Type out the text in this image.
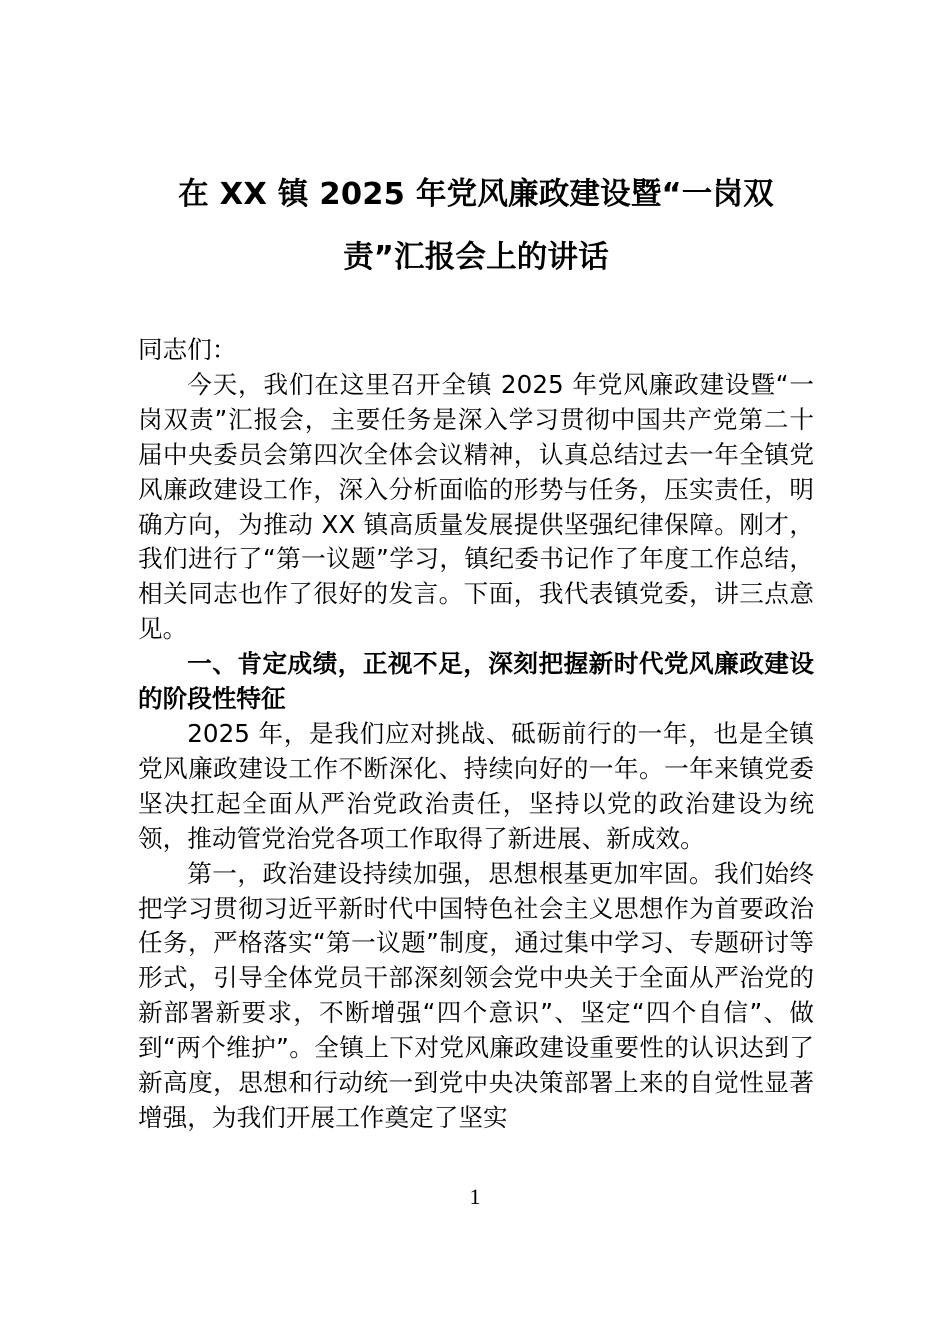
在 XX 镇 2025 年党风廉政建设暨“一岗双
责”汇报会上的讲话

同志们：

今天，我们在这里召开全镇 2025 年党风廉政建设暨“一岗双责”汇报会，主要任务是深入学习贯彻中国共产党第二十届中央委员会第四次全体会议精神，认真总结过去一年全镇党风廉政建设工作，深入分析面临的形势与任务，压实责任，明确方向，为推动 XX 镇高质量发展提供坚强纪律保障。刚才，我们进行了“第一议题”学习，镇纪委书记作了年度工作总结，相关同志也作了很好的发言。下面，我代表镇党委，讲三点意见。

一、肯定成绩，正视不足，深刻把握新时代党风廉政建设的阶段性特征

2025 年，是我们应对挑战、砥砺前行的一年，也是全镇党风廉政建设工作不断深化、持续向好的一年。一年来镇党委坚决扛起全面从严治党政治责任，坚持以党的政治建设为统领，推动管党治党各项工作取得了新进展、新成效。

第一，政治建设持续加强，思想根基更加牢固。我们始终把学习贯彻习近平新时代中国特色社会主义思想作为首要政治任务，严格落实“第一议题”制度，通过集中学习、专题研讨等形式，引导全体党员干部深刻领会党中央关于全面从严治党的新部署新要求，不断增强“四个意识”、坚定“四个自信”、做到“两个维护”。全镇上下对党风廉政建设重要性的认识达到了新高度，思想和行动统一到党中央决策部署上来的自觉性显著增强，为我们开展工作奠定了坚实

1
